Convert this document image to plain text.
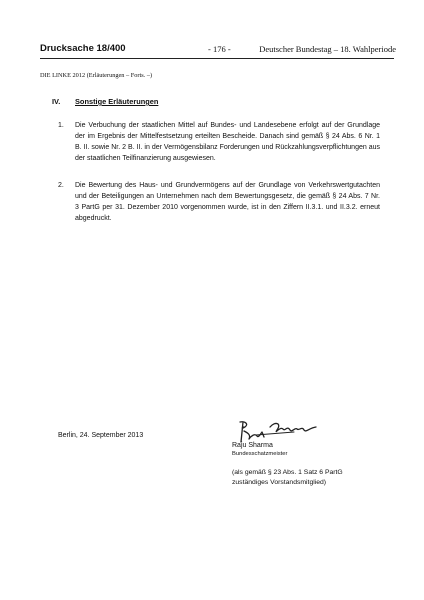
Drucksache 18/400	- 176 -	Deutscher Bundestag – 18. Wahlperiode
DIE LINKE 2012 (Erläuterungen – Forts. –)
IV. Sonstige Erläuterungen
1. Die Verbuchung der staatlichen Mittel auf Bundes- und Landesebene erfolgt auf der Grundlage der im Ergebnis der Mittelfestsetzung erteilten Bescheide. Danach sind gemäß § 24 Abs. 6 Nr. 1 B. II. sowie Nr. 2 B. II. in der Vermögensbilanz Forderungen und Rückzahlungsverpflichtungen aus der staatlichen Teilfinanzierung ausgewiesen.
2. Die Bewertung des Haus- und Grundvermögens auf der Grundlage von Verkehrswertgutachten und der Beteiligungen an Unternehmen nach dem Bewertungsgesetz, die gemäß § 24 Abs. 7 Nr. 3 PartG per 31. Dezember 2010 vorgenommen wurde, ist in den Ziffern II.3.1. und II.3.2. erneut abgedruckt.
Berlin, 24. September 2013
Raju Sharma
Bundesschatzmeister
(als gemäß § 23 Abs. 1 Satz 6 PartG zuständiges Vorstandsmitglied)
